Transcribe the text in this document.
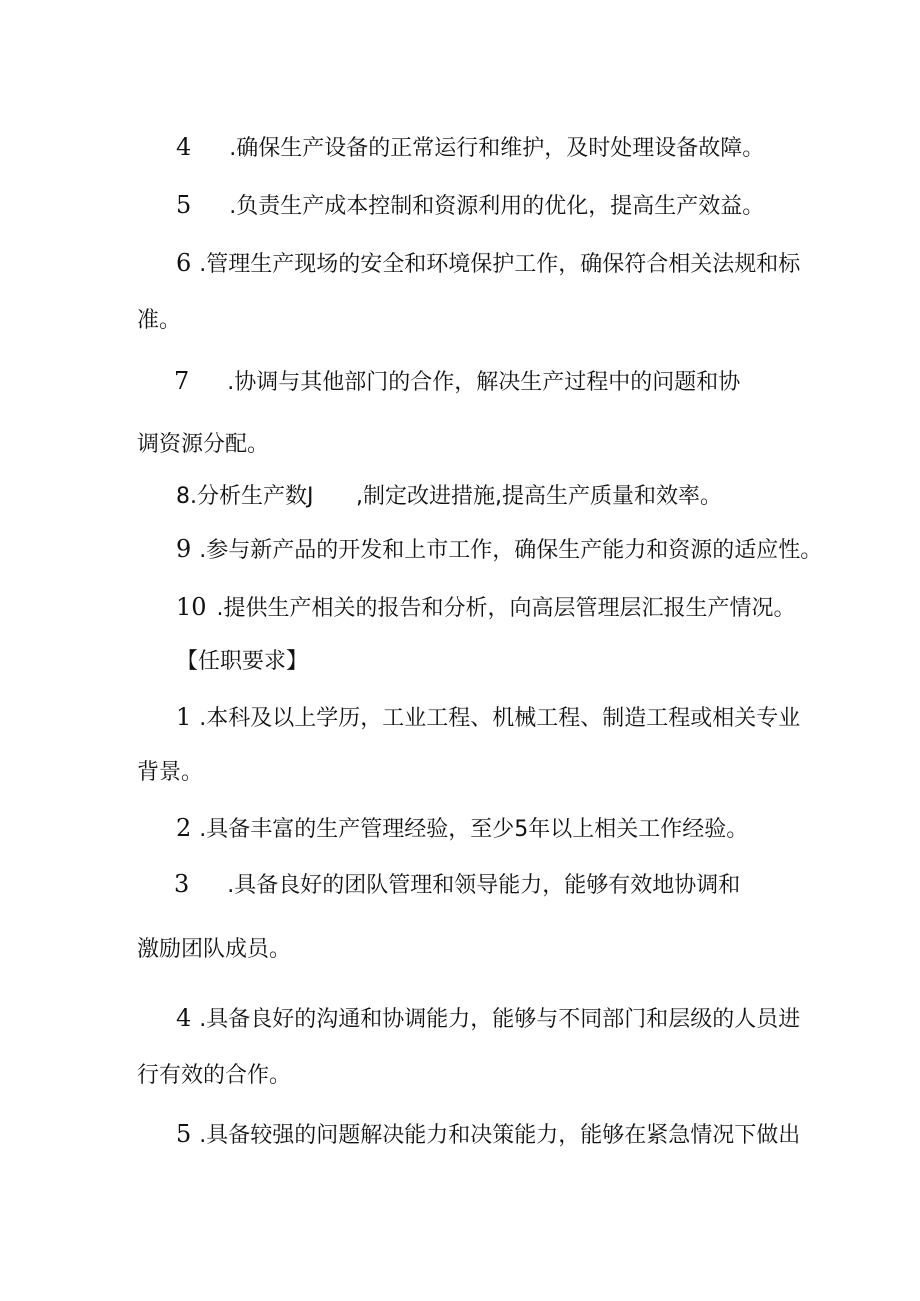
4 .确保生产设备的正常运行和维护，及时处理设备故障。
5 .负责生产成本控制和资源利用的优化，提高生产效益。
6 .管理生产现场的安全和环境保护工作，确保符合相关法规和标
准。
7 .协调与其他部门的合作，解决生产过程中的问题和协
调资源分配。
8.分析生产数J ,制定改进措施,提高生产质量和效率。
9 .参与新产品的开发和上市工作，确保生产能力和资源的适应性。
10 .提供生产相关的报告和分析，向高层管理层汇报生产情况。
【任职要求】
1 .本科及以上学历，工业工程、机械工程、制造工程或相关专业
背景。
2 .具备丰富的生产管理经验，至少5年以上相关工作经验。
3 .具备良好的团队管理和领导能力，能够有效地协调和
激励团队成员。
4 .具备良好的沟通和协调能力，能够与不同部门和层级的人员进
行有效的合作。
5 .具备较强的问题解决能力和决策能力，能够在紧急情况下做出
